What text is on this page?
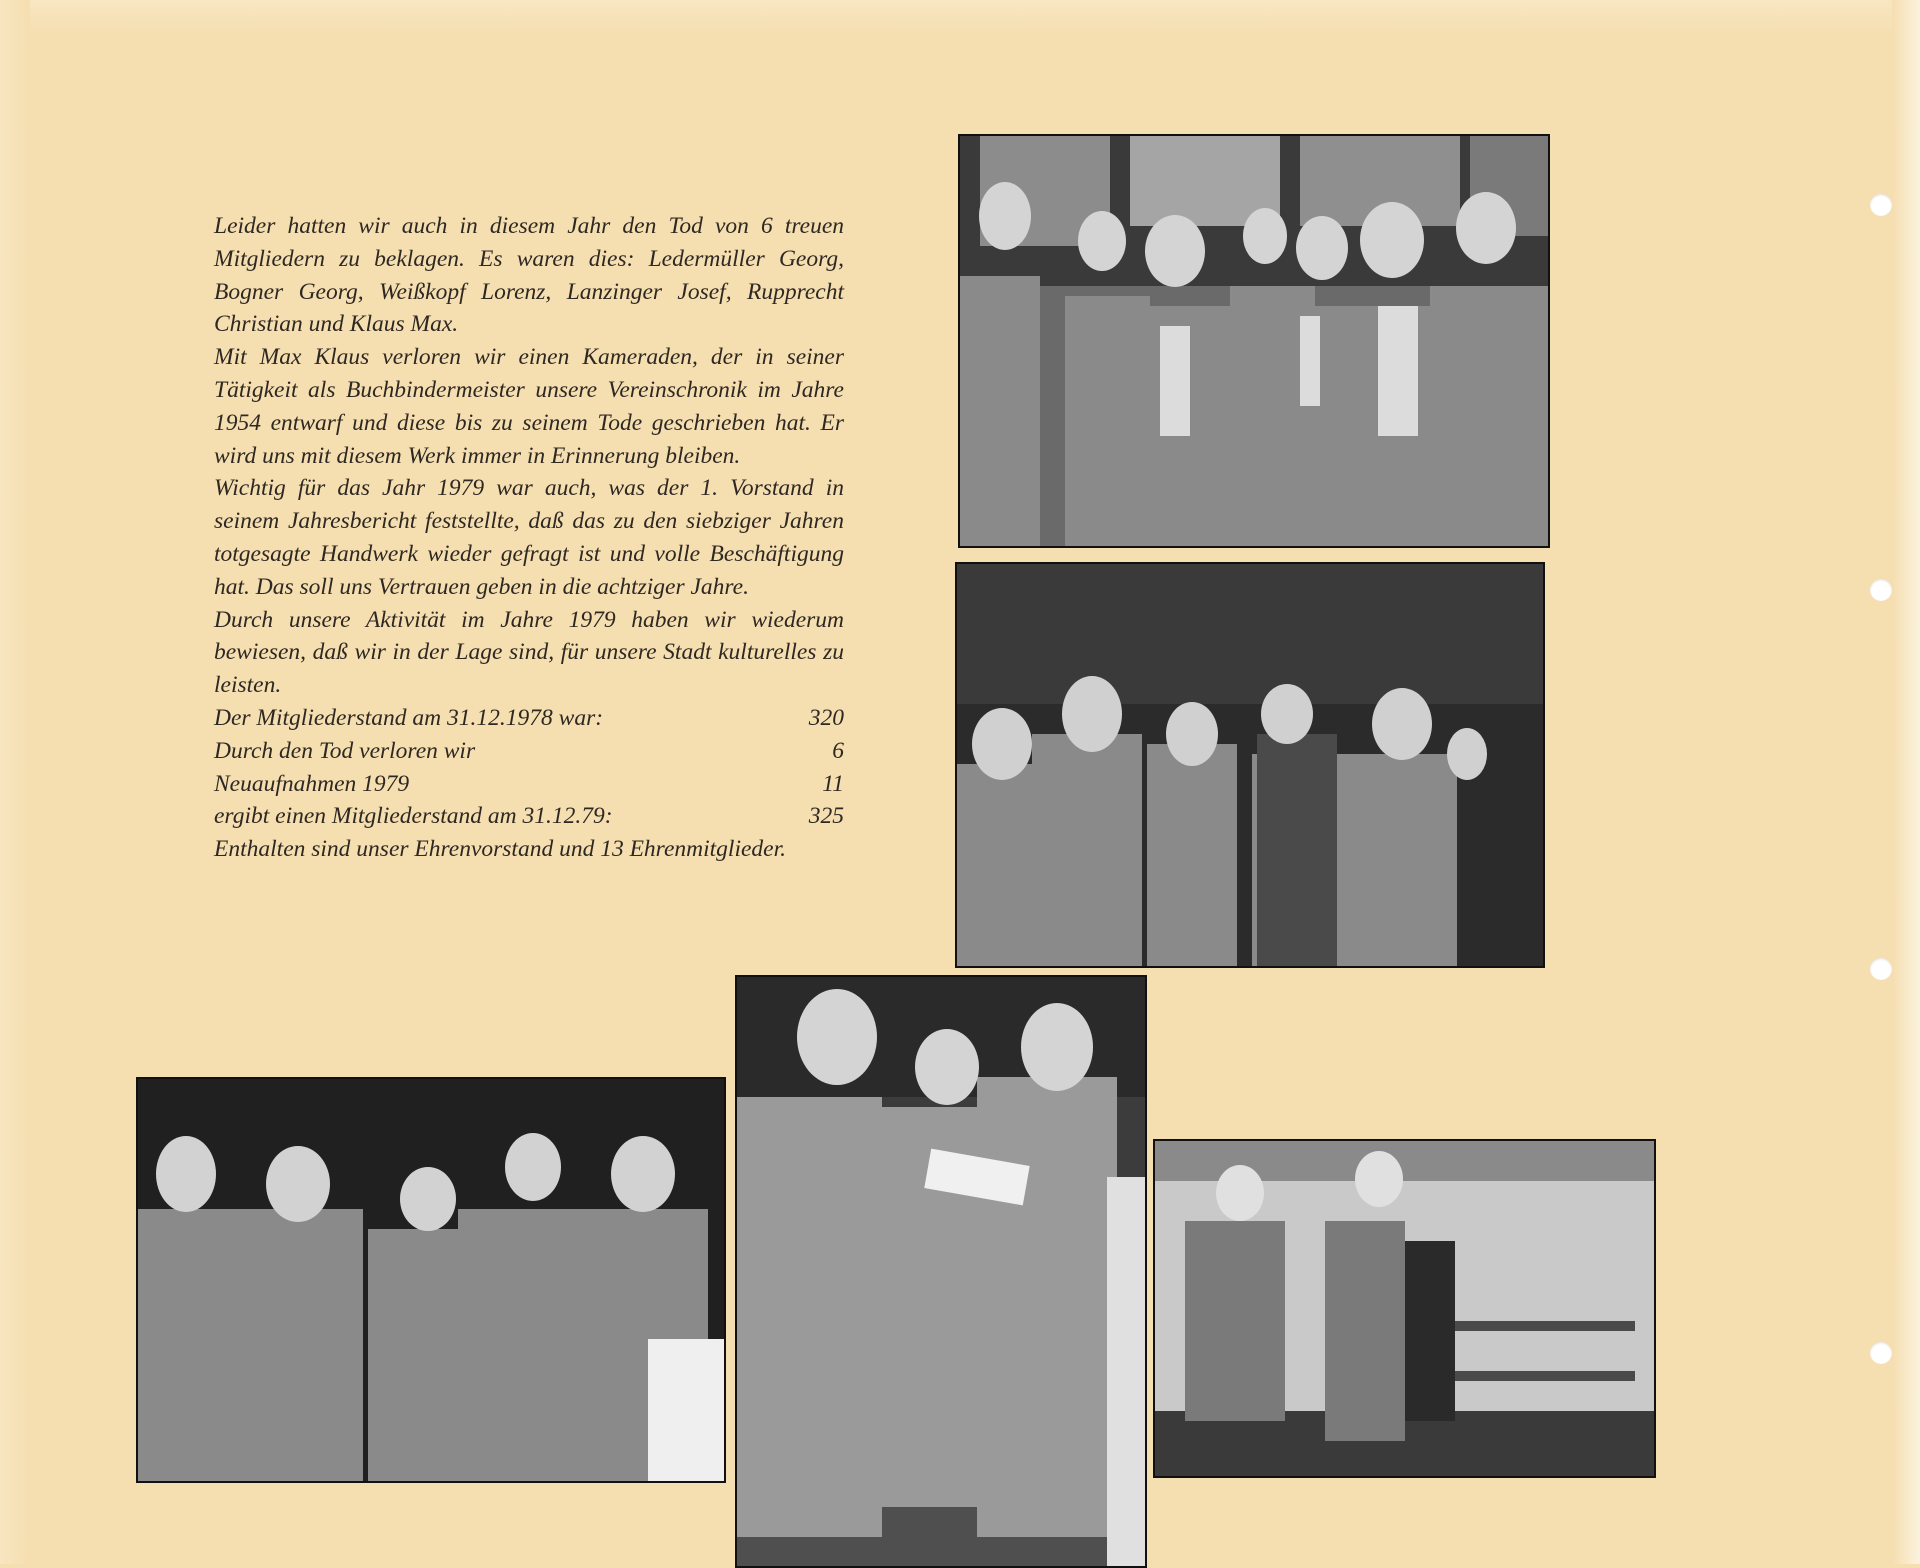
Leider hatten wir auch in diesem Jahr den Tod von 6 treuen Mitgliedern zu beklagen. Es waren dies: Ledermüller Georg, Bogner Georg, Weißkopf Lorenz, Lanzinger Josef, Rupprecht Christian und Klaus Max.

Mit Max Klaus verloren wir einen Kameraden, der in seiner Tätigkeit als Buchbindermeister unsere Vereinschronik im Jahre 1954 entwarf und diese bis zu seinem Tode geschrieben hat. Er wird uns mit diesem Werk immer in Erinnerung bleiben.

Wichtig für das Jahr 1979 war auch, was der 1. Vorstand in seinem Jahresbericht feststellte, daß das zu den siebziger Jahren totgesagte Handwerk wieder gefragt ist und volle Beschäftigung hat. Das soll uns Vertrauen geben in die achtziger Jahre.

Durch unsere Aktivität im Jahre 1979 haben wir wiederum bewiesen, daß wir in der Lage sind, für unsere Stadt kulturelles zu leisten.

Der Mitgliederstand am 31.12.1978 war:	320
Durch den Tod verloren wir	6
Neuaufnahmen 1979	11
ergibt einen Mitgliederstand am 31.12.79:	325

Enthalten sind unser Ehrenvorstand und 13 Ehrenmitglieder.
